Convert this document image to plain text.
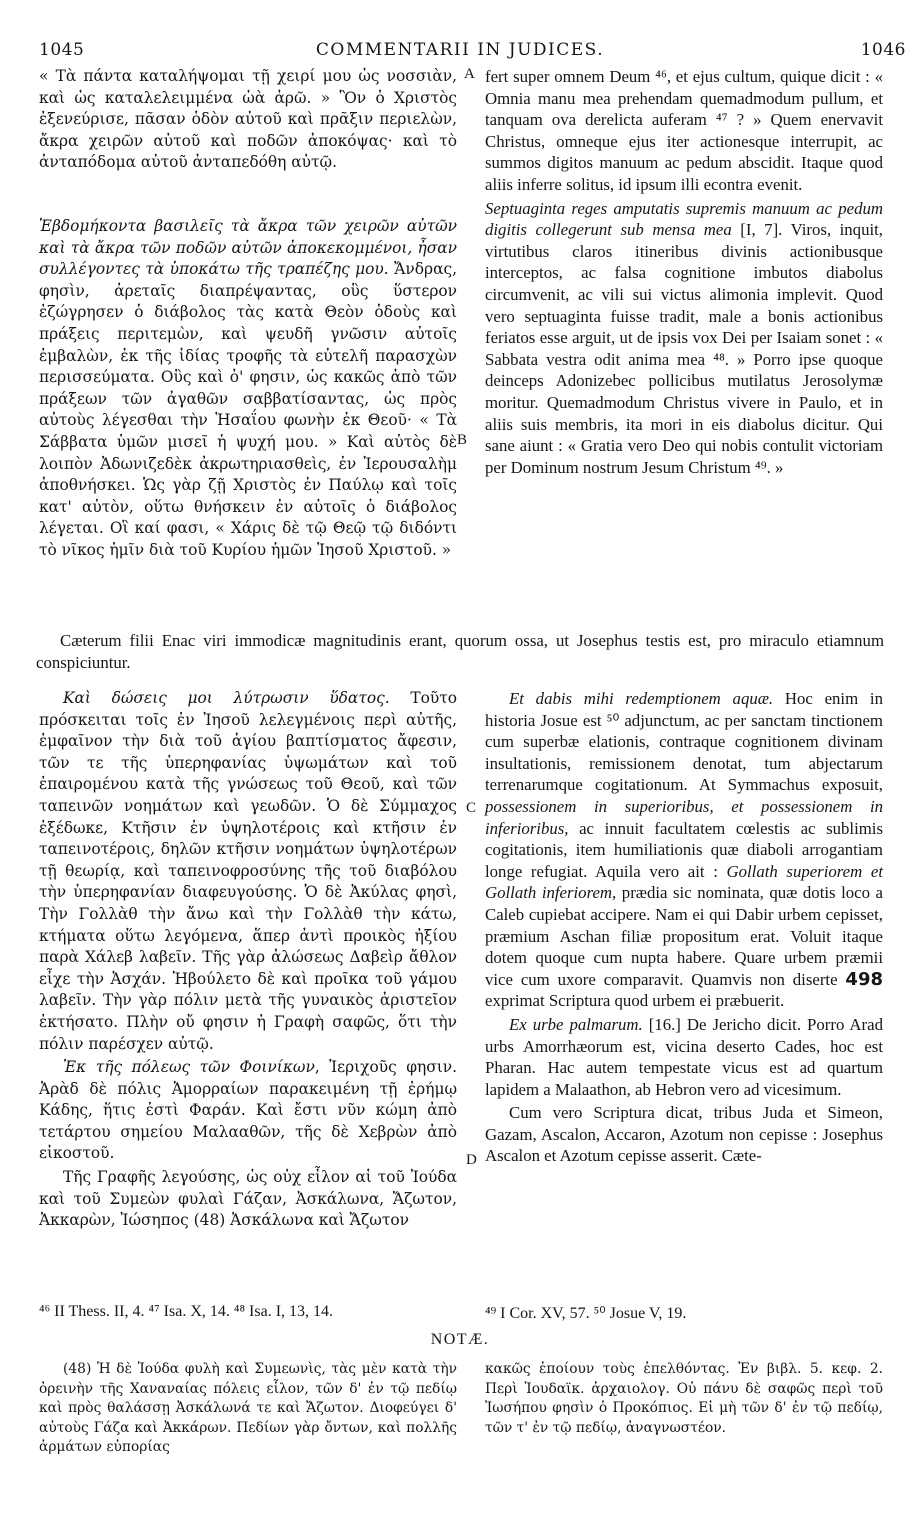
1045	COMMENTARII IN JUDICES.	1046

« Τὰ πάντα καταλήψομαι τῇ χειρί μου ὡς νοσσιὰν, καὶ ὡς καταλελειμμένα ὠὰ ἀρῶ. » Ὃν ὁ Χριστὸς ἐξενεύρισε, πᾶσαν ὁδὸν αὐτοῦ καὶ πρᾶξιν περιελὼν, ἄκρα χειρῶν αὐτοῦ καὶ ποδῶν ἀποκόψας· καὶ τὸ ἀνταπόδομα αὐτοῦ ἀνταπεδόθη αὐτῷ.

Ἑβδομήκοντα βασιλεῖς τὰ ἄκρα τῶν χειρῶν αὐτῶν καὶ τὰ ἄκρα τῶν ποδῶν αὐτῶν ἀποκεκομμένοι, ἦσαν συλλέγοντες τὰ ὑποκάτω τῆς τραπέζης μου. Ἄνδρας, φησὶν, ἀρεταῖς διαπρέψαντας, οὓς ὕστερον ἐζώγρησεν ὁ διάβολος τὰς κατὰ Θεὸν ὁδοὺς καὶ πράξεις περιτεμὼν, καὶ ψευδῆ γνῶσιν αὐτοῖς ἐμβαλὼν, ἐκ τῆς ἰδίας τροφῆς τὰ εὐτελῆ παρασχὼν περισσεύματα. Οὓς καὶ ὁ' φησιν, ὡς κακῶς ἀπὸ τῶν πράξεων τῶν ἀγαθῶν σαββατίσαντας, ὡς πρὸς αὐτοὺς λέγεσθαι τὴν Ἡσαΐου φωνὴν ἐκ Θεοῦ· « Τὰ Σάββατα ὑμῶν μισεῖ ἡ ψυχή μου. » Καὶ αὐτὸς δὲ λοιπὸν Ἀδωνιζεδὲκ ἀκρωτηριασθεὶς, ἐν Ἱερουσαλὴμ ἀποθνήσκει. Ὡς γὰρ ζῇ Χριστὸς ἐν Παύλῳ καὶ τοῖς κατ' αὐτὸν, οὕτω θνήσκειν ἐν αὐτοῖς ὁ διάβολος λέγεται. Οἳ καί φασι, « Χάρις δὲ τῷ Θεῷ τῷ διδόντι τὸ νῖκος ἡμῖν διὰ τοῦ Κυρίου ἡμῶν Ἰησοῦ Χριστοῦ. »

fert super omnem Deum ⁴⁶, et ejus cultum, quique dicit : « Omnia manu mea prehendam quemadmodum pullum, et tanquam ova derelicta auferam ⁴⁷ ? » Quem enervavit Christus, omneque ejus iter actionesque interrupit, ac summos digitos manuum ac pedum abscidit. Itaque quod aliis inferre solitus, id ipsum illi econtra evenit.

Septuaginta reges amputatis supremis manuum ac pedum digitis collegerunt sub mensa mea [I, 7]. Viros, inquit, virtutibus claros itineribus divinis actionibusque interceptos, ac falsa cognitione imbutos diabolus circumvenit, ac vili sui victus alimonia implevit. Quod vero septuaginta fuisse tradit, male a bonis actionibus feriatos esse arguit, ut de ipsis vox Dei per Isaiam sonet : « Sabbata vestra odit anima mea ⁴⁸. » Porro ipse quoque deinceps Adonizebec pollicibus mutilatus Jerosolymæ moritur. Quemadmodum Christus vivere in Paulo, et in aliis suis membris, ita mori in eis diabolus dicitur. Qui sane aiunt : « Gratia vero Deo qui nobis contulit victoriam per Dominum nostrum Jesum Christum ⁴⁹. »

A
B
C
D
Cæterum filii Enac viri immodicæ magnitudinis erant, quorum ossa, ut Josephus testis est, pro miraculo etiamnum conspiciuntur.

Καὶ δώσεις μοι λύτρωσιν ὕδατος. Τοῦτο πρόσκειται τοῖς ἐν Ἰησοῦ λελεγμένοις περὶ αὐτῆς, ἐμφαῖνον τὴν διὰ τοῦ ἁγίου βαπτίσματος ἄφεσιν, τῶν τε τῆς ὑπερηφανίας ὑψωμάτων καὶ τοῦ ἐπαιρομένου κατὰ τῆς γνώσεως τοῦ Θεοῦ, καὶ τῶν ταπεινῶν νοημάτων καὶ γεωδῶν. Ὁ δὲ Σύμμαχος ἐξέδωκε, Κτῆσιν ἐν ὑψηλοτέροις καὶ κτῆσιν ἐν ταπεινοτέροις, δηλῶν κτῆσιν νοημάτων ὑψηλοτέρων τῇ θεωρίᾳ, καὶ ταπεινοφροσύνης τῆς τοῦ διαβόλου τὴν ὑπερηφανίαν διαφευγούσης. Ὁ δὲ Ἀκύλας φησὶ, Τὴν Γολλὰθ τὴν ἄνω καὶ τὴν Γολλὰθ τὴν κάτω, κτήματα οὕτω λεγόμενα, ἅπερ ἀντὶ προικὸς ἠξίου παρὰ Χάλεβ λαβεῖν. Τῆς γὰρ ἁλώσεως Δαβεὶρ ἄθλον εἶχε τὴν Ἀσχάν. Ἠβούλετο δὲ καὶ προῖκα τοῦ γάμου λαβεῖν. Τὴν γὰρ πόλιν μετὰ τῆς γυναικὸς ἀριστεῖον ἐκτήσατο. Πλὴν οὔ φησιν ἡ Γραφὴ σαφῶς, ὅτι τὴν πόλιν παρέσχεν αὐτῷ.

Ἐκ τῆς πόλεως τῶν Φοινίκων, Ἱεριχοῦς φησιν. Ἀρὰδ δὲ πόλις Ἀμορραίων παρακειμένη τῇ ἐρήμῳ Κάδης, ἥτις ἐστὶ Φαράν. Καὶ ἔστι νῦν κώμη ἀπὸ τετάρτου σημείου Μαλααθῶν, τῆς δὲ Χεβρὼν ἀπὸ εἰκοστοῦ.

Τῆς Γραφῆς λεγούσης, ὡς οὐχ εἷλον αἱ τοῦ Ἰούδα καὶ τοῦ Συμεὼν φυλαὶ Γάζαν, Ἀσκάλωνα, Ἄζωτον, Ἀκκαρὼν, Ἰώσηπος (48) Ἀσκάλωνα καὶ Ἄζωτον

Et dabis mihi redemptionem aquæ. Hoc enim in historia Josue est ⁵⁰ adjunctum, ac per sanctam tinctionem cum superbæ elationis, contraque cognitionem divinam insultationis, remissionem denotat, tum abjectarum terrenarumque cogitationum. At Symmachus exposuit, possessionem in superioribus, et possessionem in inferioribus, ac innuit facultatem cœlestis ac sublimis cogitationis, item humiliationis quæ diaboli arrogantiam longe refugiat. Aquila vero ait : Gollath superiorem et Gollath inferiorem, prædia sic nominata, quæ dotis loco a Caleb cupiebat accipere. Nam ei qui Dabir urbem cepisset, præmium Aschan filiæ propositum erat. Voluit itaque dotem quoque cum nupta habere. Quare urbem præmii vice cum uxore comparavit. Quamvis non diserte 498 exprimat Scriptura quod urbem ei præbuerit.

Ex urbe palmarum. [16.] De Jericho dicit. Porro Arad urbs Amorrhæorum est, vicina deserto Cades, hoc est Pharan. Hac autem tempestate vicus est ad quartum lapidem a Malaathon, ab Hebron vero ad vicesimum.

Cum vero Scriptura dicat, tribus Juda et Simeon, Gazam, Ascalon, Accaron, Azotum non cepisse : Josephus Ascalon et Azotum cepisse asserit. Cæte-

⁴⁶ II Thess. II, 4. ⁴⁷ Isa. X, 14. ⁴⁸ Isa. I, 13, 14.	⁴⁹ I Cor. XV, 57. ⁵⁰ Josue V, 19.
NOTÆ.
(48) Ἡ δὲ Ἰούδα φυλὴ καὶ Συμεωνὶς, τὰς μὲν κατὰ τὴν ὀρεινὴν τῆς Χαναναίας πόλεις εἷλον, τῶν δ' ἐν τῷ πεδίῳ καὶ πρὸς θαλάσσῃ Ἀσκάλωνά τε καὶ Ἄζωτον. Διοφεύγει δ' αὐτοὺς Γάζα καὶ Ἀκκάρων. Πεδίων γὰρ ὄντων, καὶ πολλῆς ἁρμάτων εὐπορίας
κακῶς ἐποίουν τοὺς ἐπελθόντας. Ἐν βιβλ. 5. κεφ. 2. Περὶ Ἰουδαϊκ. ἀρχαιολογ. Οὐ πάνυ δὲ σαφῶς περὶ τοῦ Ἰωσήπου φησὶν ὁ Προκόπιος. Εἰ μὴ τῶν δ' ἐν τῷ πεδίῳ, τῶν τ' ἐν τῷ πεδίῳ, ἀναγνωστέον.
